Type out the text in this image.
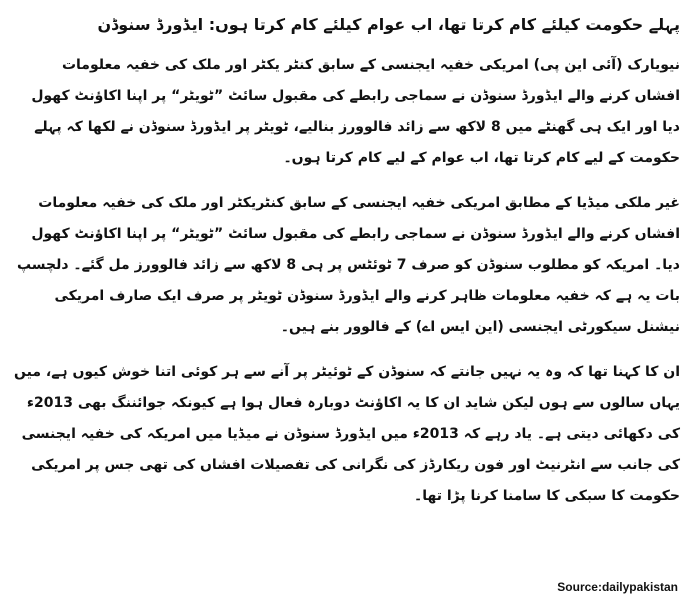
پہلے حکومت کیلئے کام کرتا تھا، اب عوام کیلئے کام کرتا ہوں: ایڈورڈ سنوڈن

نیویارک (آئی این پی) امریکی خفیہ ایجنسی کے سابق کنٹر یکٹر اور ملک کی خفیہ معلومات افشاں کرنے والے ایڈورڈ سنوڈن نے سماجی رابطے کی مقبول سائٹ ”ٹویٹر“ پر اپنا اکاؤنٹ کھول دیا اور ایک ہی گھنٹے میں 8 لاکھ سے زائد فالوورز بنالیے، ٹویٹر پر ایڈورڈ سنوڈن نے لکھا کہ پہلے حکومت کے لیے کام کرتا تھا، اب عوام کے لیے کام کرتا ہوں۔

غیر ملکی میڈیا کے مطابق امریکی خفیہ ایجنسی کے سابق کنٹریکٹر اور ملک کی خفیہ معلومات افشاں کرنے والے ایڈورڈ سنوڈن نے سماجی رابطے کی مقبول سائٹ ”ٹویٹر“ پر اپنا اکاؤنٹ کھول دیا۔ امریکہ کو مطلوب سنوڈن کو صرف 7 ٹوئٹس پر ہی 8 لاکھ سے زائد فالوورز مل گئے۔ دلچسپ بات یہ ہے کہ خفیہ معلومات ظاہر کرنے والے ایڈورڈ سنوڈن ٹویٹر پر صرف ایک صارف امریکی نیشنل سیکورٹی ایجنسی (این ایس اے) کے فالوور بنے ہیں۔

ان کا کہنا تھا کہ وہ یہ نہیں جانتے کہ سنوڈن کے ٹوئیٹر پر آنے سے ہر کوئی اتنا خوش کیوں ہے، میں یہاں سالوں سے ہوں لیکن شاید ان کا یہ اکاؤنٹ دوبارہ فعال ہوا ہے کیونکہ جوائننگ بھی 2013ء کی دکھائی دیتی ہے۔ یاد رہے کہ 2013ء میں ایڈورڈ سنوڈن نے میڈیا میں امریکہ کی خفیہ ایجنسی کی جانب سے انٹرنیٹ اور فون ریکارڈز کی نگرانی کی تفصیلات افشاں کی تھی جس پر امریکی حکومت کا سبکی کا سامنا کرنا پڑا تھا۔

Source:dailypakistan
